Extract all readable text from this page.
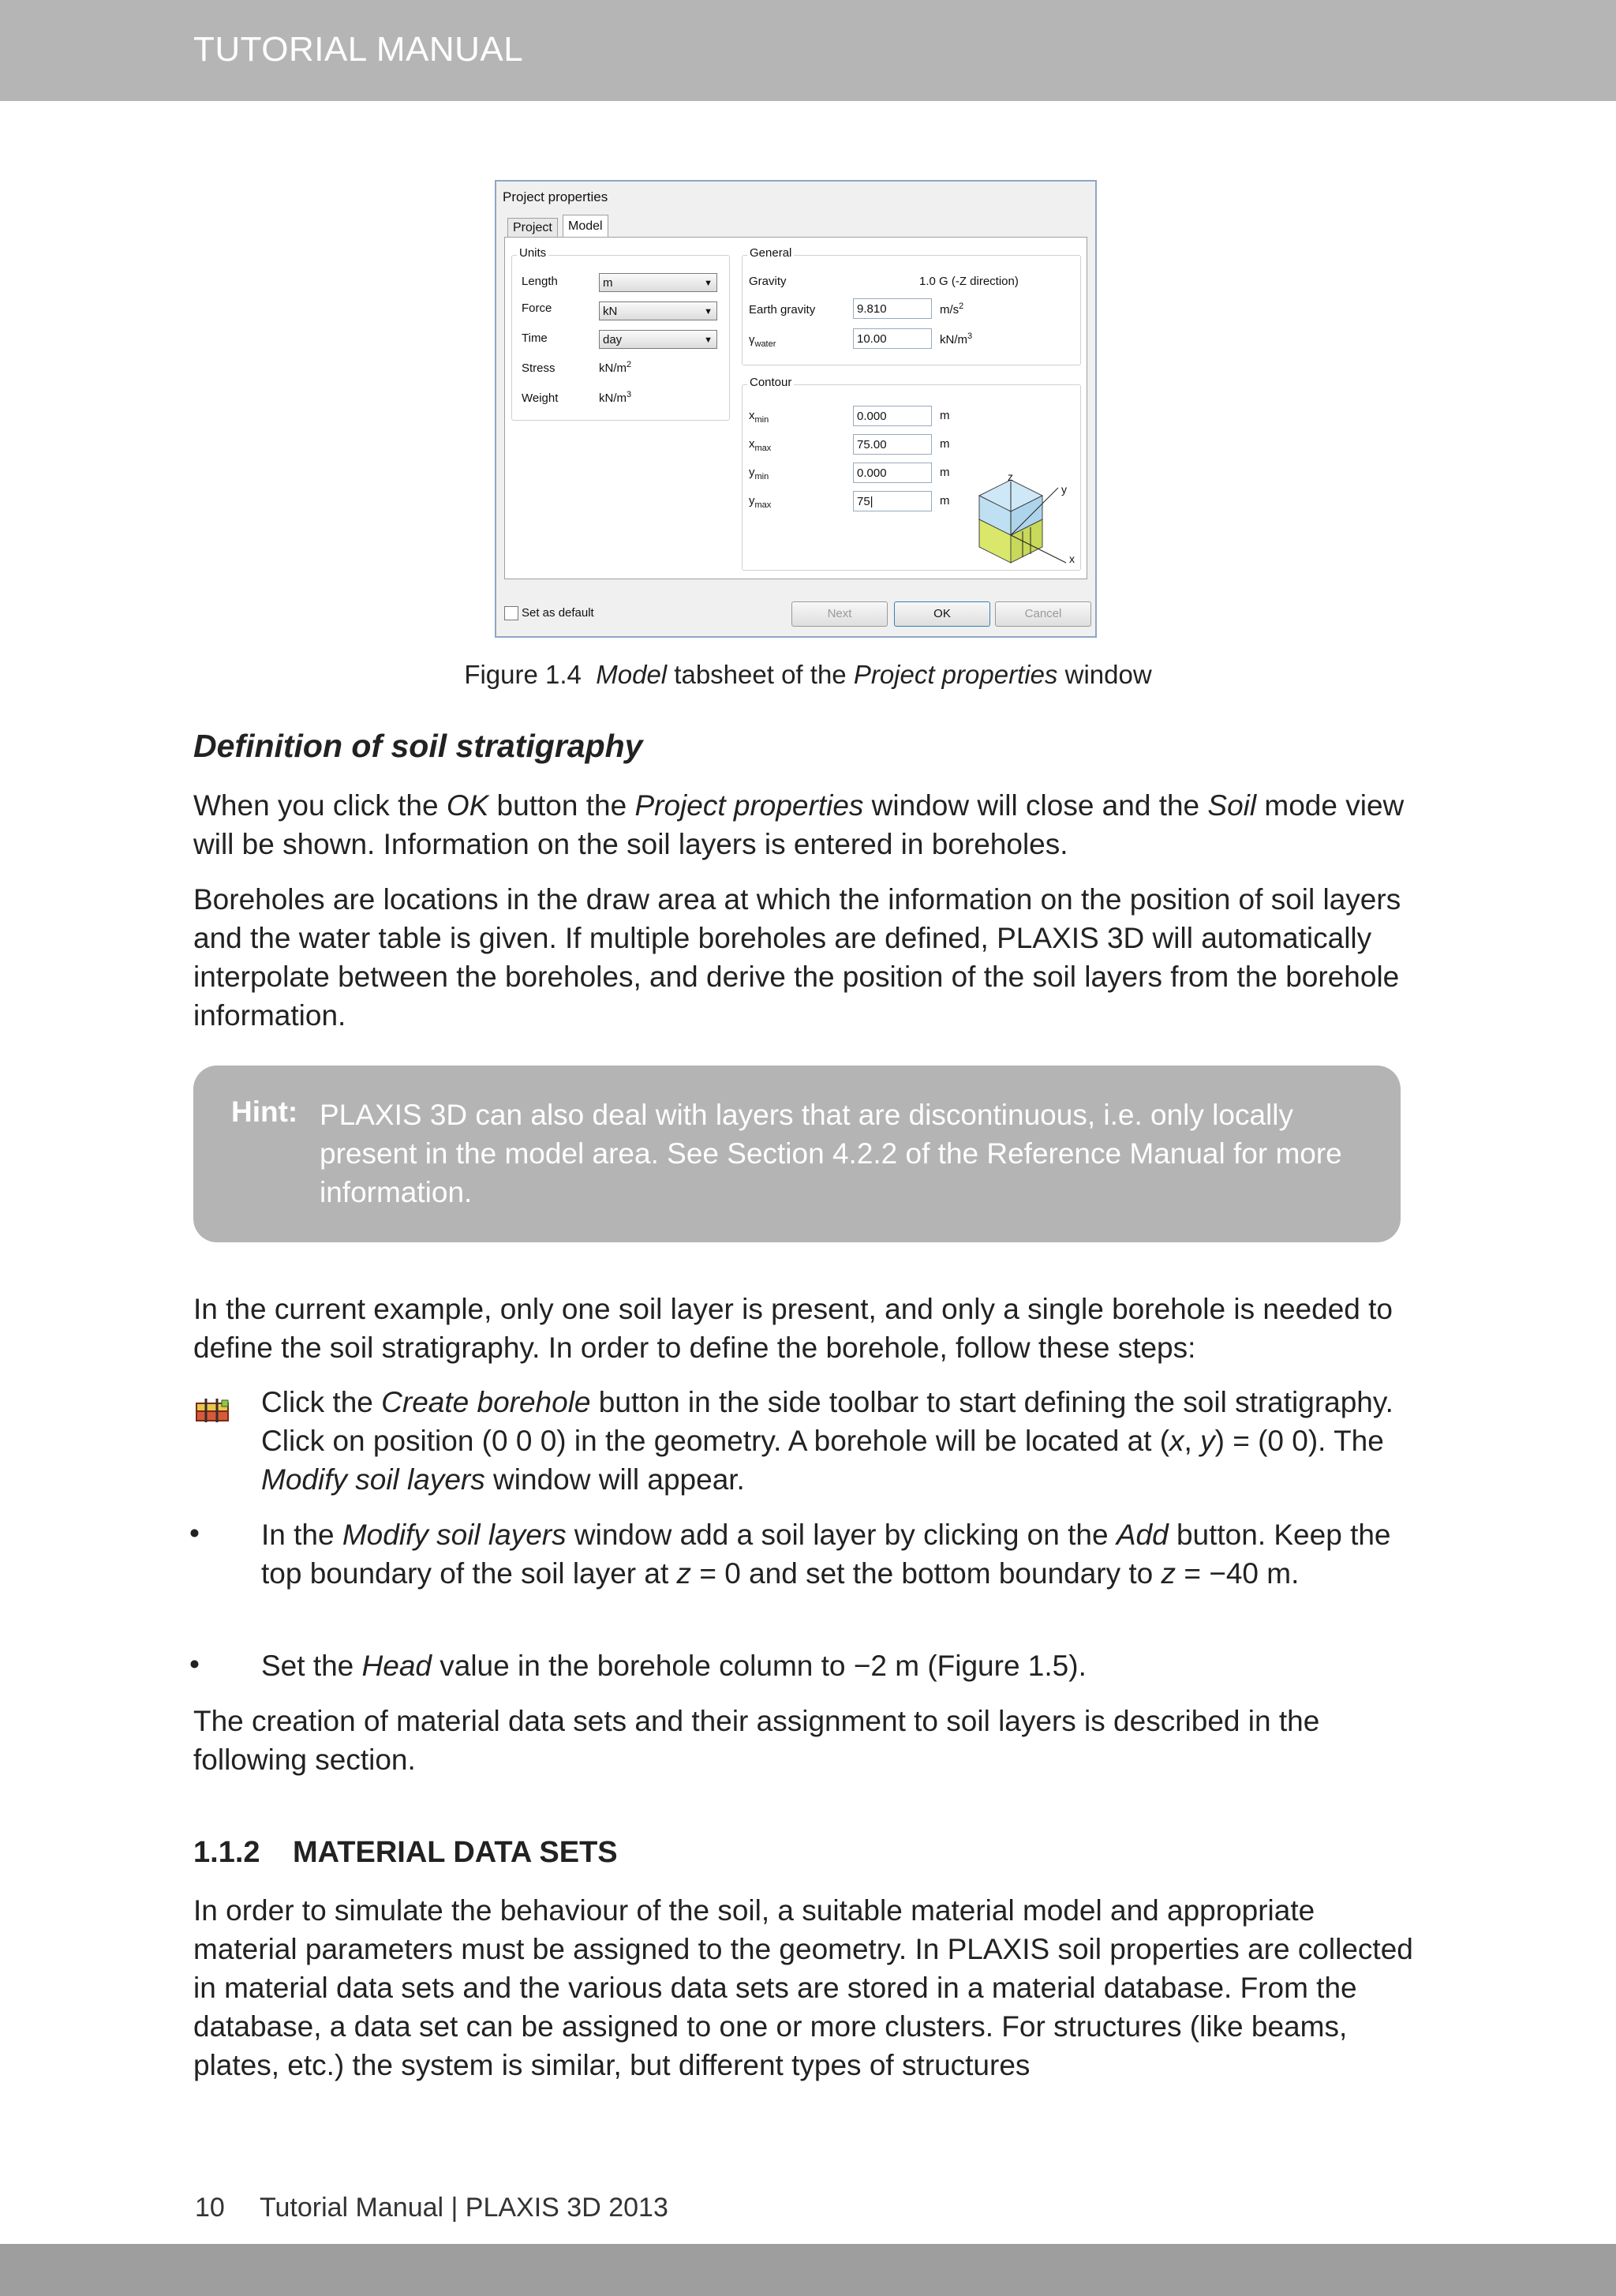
TUTORIAL MANUAL
Project properties
Project	Model
Units
Length	m	▼
Force	kN	▼
Time	day	▼
Stress	$kN/m^2$
Weight	$kN/m^3$
General
Gravity	1.0 G (-Z direction)
Earth gravity	9.810	$m/s^2$
$\gamma_{water}$	10.00	$kN/m^3$
Contour
$x_{min}$	0.000	m
$x_{max}$	75.00	m
$y_{min}$	0.000	m
$y_{max}$	75|	m
z
y
x
Set as default	Next	OK	Cancel
Figure 1.4 Model tabsheet of the Project properties window
Definition of soil stratigraphy

When you click the OK button the Project properties window will close and the Soil mode view will be shown. Information on the soil layers is entered in boreholes.

Boreholes are locations in the draw area at which the information on the position of soil layers and the water table is given. If multiple boreholes are defined, PLAXIS 3D will automatically interpolate between the boreholes, and derive the position of the soil layers from the borehole information.

Hint: PLAXIS 3D can also deal with layers that are discontinuous, i.e. only locally present in the model area. See Section 4.2.2 of the Reference Manual for more information.

In the current example, only one soil layer is present, and only a single borehole is needed to define the soil stratigraphy. In order to define the borehole, follow these steps:

Click the Create borehole button in the side toolbar to start defining the soil stratigraphy. Click on position (0 0 0) in the geometry. A borehole will be located at (x, y) = (0 0). The Modify soil layers window will appear.

• In the Modify soil layers window add a soil layer by clicking on the Add button. Keep the top boundary of the soil layer at z = 0 and set the bottom boundary to z = −40 m.

• Set the Head value in the borehole column to −2 m (Figure 1.5).

The creation of material data sets and their assignment to soil layers is described in the following section.

1.1.2 MATERIAL DATA SETS

In order to simulate the behaviour of the soil, a suitable material model and appropriate material parameters must be assigned to the geometry. In PLAXIS soil properties are collected in material data sets and the various data sets are stored in a material database. From the database, a data set can be assigned to one or more clusters. For structures (like beams, plates, etc.) the system is similar, but different types of structures

10 Tutorial Manual | PLAXIS 3D 2013
